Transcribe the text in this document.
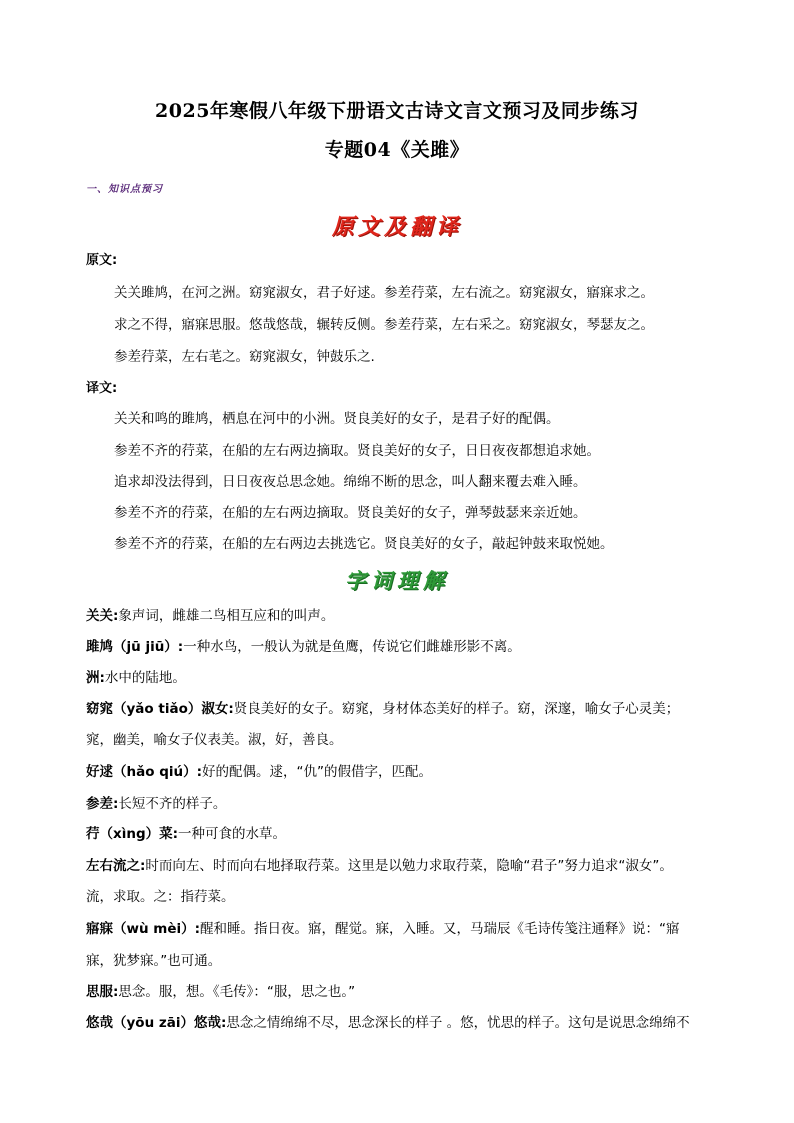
2025年寒假八年级下册语文古诗文言文预习及同步练习
专题04《关雎》
一、知识点预习
原文及翻译
原文:
关关雎鸠，在河之洲。窈窕淑女，君子好逑。参差荇菜，左右流之。窈窕淑女，寤寐求之。
求之不得，寤寐思服。悠哉悠哉，辗转反侧。参差荇菜，左右采之。窈窕淑女，琴瑟友之。
参差荇菜，左右芼之。窈窕淑女，钟鼓乐之.
译文:
关关和鸣的雎鸠，栖息在河中的小洲。贤良美好的女子，是君子好的配偶。
参差不齐的荇菜，在船的左右两边摘取。贤良美好的女子，日日夜夜都想追求她。
追求却没法得到，日日夜夜总思念她。绵绵不断的思念，叫人翻来覆去难入睡。
参差不齐的荇菜，在船的左右两边摘取。贤良美好的女子，弹琴鼓瑟来亲近她。
参差不齐的荇菜，在船的左右两边去挑选它。贤良美好的女子，敲起钟鼓来取悦她。
字词理解
关关:象声词，雌雄二鸟相互应和的叫声。
雎鸠（jū jiū）:一种水鸟，一般认为就是鱼鹰，传说它们雌雄形影不离。
洲:水中的陆地。
窈窕（yǎo tiǎo）淑女:贤良美好的女子。窈窕，身材体态美好的样子。窈，深邃，喻女子心灵美；
窕，幽美，喻女子仪表美。淑，好，善良。
好逑（hǎo qiú）:好的配偶。逑，“仇”的假借字，匹配。
参差:长短不齐的样子。
荇（xìng）菜:一种可食的水草。
左右流之:时而向左、时而向右地择取荇菜。这里是以勉力求取荇菜，隐喻“君子”努力追求“淑女”。
流，求取。之：指荇菜。
寤寐（wù mèi）:醒和睡。指日夜。寤，醒觉。寐，入睡。又，马瑞辰《毛诗传笺注通释》说：“寤
寐，犹梦寐。”也可通。
思服:思念。服，想。《毛传》：“服，思之也。”
悠哉（yōu zāi）悠哉:思念之情绵绵不尽，思念深长的样子 。悠，忧思的样子。这句是说思念绵绵不
